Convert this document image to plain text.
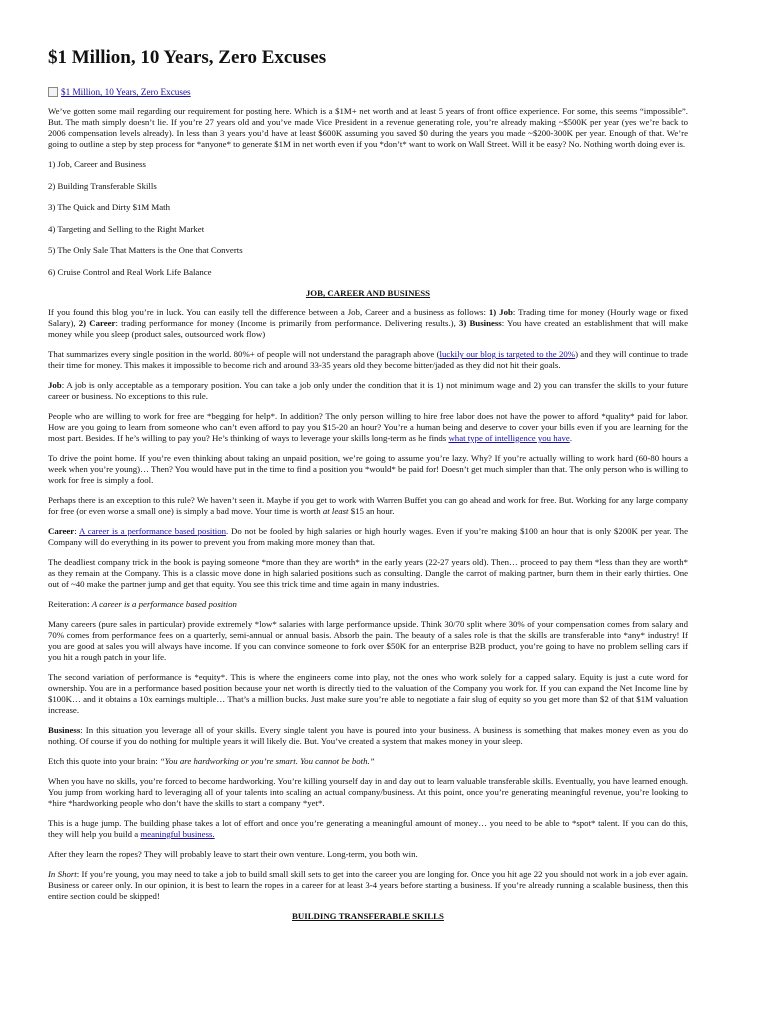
$1 Million, 10 Years, Zero Excuses
$1 Million, 10 Years, Zero Excuses

We’ve gotten some mail regarding our requirement for posting here. Which is a $1M+ net worth and at least 5 years of front office experience. For some, this seems “impossible”. But. The math simply doesn’t lie. If you’re 27 years old and you’ve made Vice President in a revenue generating role, you’re already making ~$500K per year (yes we’re back to 2006 compensation levels already). In less than 3 years you’d have at least $600K assuming you saved $0 during the years you made ~$200-300K per year. Enough of that. We’re going to outline a step by step process for *anyone* to generate $1M in net worth even if you *don’t* want to work on Wall Street. Will it be easy? No. Nothing worth doing ever is.

1) Job, Career and Business

2) Building Transferable Skills

3) The Quick and Dirty $1M Math

4) Targeting and Selling to the Right Market

5) The Only Sale That Matters is the One that Converts

6) Cruise Control and Real Work Life Balance

JOB, CAREER AND BUSINESS

If you found this blog you’re in luck. You can easily tell the difference between a Job, Career and a business as follows: 1) Job: Trading time for money (Hourly wage or fixed Salary), 2) Career: trading performance for money (Income is primarily from performance. Delivering results.), 3) Business: You have created an establishment that will make money while you sleep (product sales, outsourced work flow)

That summarizes every single position in the world. 80%+ of people will not understand the paragraph above (luckily our blog is targeted to the 20%) and they will continue to trade their time for money. This makes it impossible to become rich and around 33-35 years old they become bitter/jaded as they did not hit their goals.

Job: A job is only acceptable as a temporary position. You can take a job only under the condition that it is 1) not minimum wage and 2) you can transfer the skills to your future career or business. No exceptions to this rule.

People who are willing to work for free are *begging for help*. In addition? The only person willing to hire free labor does not have the power to afford *quality* paid for labor. How are you going to learn from someone who can’t even afford to pay you $15-20 an hour? You’re a human being and deserve to cover your bills even if you are learning for the most part. Besides. If he’s willing to pay you? He’s thinking of ways to leverage your skills long-term as he finds what type of intelligence you have.

To drive the point home. If you’re even thinking about taking an unpaid position, we’re going to assume you’re lazy. Why? If you’re actually willing to work hard (60-80 hours a week when you’re young)… Then? You would have put in the time to find a position you *would* be paid for! Doesn’t get much simpler than that. The only person who is willing to work for free is simply a fool.

Perhaps there is an exception to this rule? We haven’t seen it. Maybe if you get to work with Warren Buffet you can go ahead and work for free. But. Working for any large company for free (or even worse a small one) is simply a bad move. Your time is worth at least $15 an hour.

Career: A career is a performance based position. Do not be fooled by high salaries or high hourly wages. Even if you’re making $100 an hour that is only $200K per year. The Company will do everything in its power to prevent you from making more money than that.

The deadliest company trick in the book is paying someone *more than they are worth* in the early years (22-27 years old). Then… proceed to pay them *less than they are worth* as they remain at the Company. This is a classic move done in high salaried positions such as consulting. Dangle the carrot of making partner, burn them in their early thirties. One out of ~40 make the partner jump and get that equity. You see this trick time and time again in many industries.

Reiteration: A career is a performance based position

Many careers (pure sales in particular) provide extremely *low* salaries with large performance upside. Think 30/70 split where 30% of your compensation comes from salary and 70% comes from performance fees on a quarterly, semi-annual or annual basis. Absorb the pain. The beauty of a sales role is that the skills are transferable into *any* industry! If you are good at sales you will always have income. If you can convince someone to fork over $50K for an enterprise B2B product, you’re going to have no problem selling cars if you hit a rough patch in your life.

The second variation of performance is *equity*. This is where the engineers come into play, not the ones who work solely for a capped salary. Equity is just a cute word for ownership. You are in a performance based position because your net worth is directly tied to the valuation of the Company you work for. If you can expand the Net Income line by $100K… and it obtains a 10x earnings multiple… That’s a million bucks. Just make sure you’re able to negotiate a fair slug of equity so you get more than $2 of that $1M valuation increase.

Business: In this situation you leverage all of your skills. Every single talent you have is poured into your business. A business is something that makes money even as you do nothing. Of course if you do nothing for multiple years it will likely die. But. You’ve created a system that makes money in your sleep.

Etch this quote into your brain: “You are hardworking or you’re smart. You cannot be both.”

When you have no skills, you’re forced to become hardworking. You’re killing yourself day in and day out to learn valuable transferable skills. Eventually, you have learned enough. You jump from working hard to leveraging all of your talents into scaling an actual company/business. At this point, once you’re generating meaningful revenue, you’re looking to *hire *hardworking people who don’t have the skills to start a company *yet*.

This is a huge jump. The building phase takes a lot of effort and once you’re generating a meaningful amount of money… you need to be able to *spot* talent. If you can do this, they will help you build a meaningful business.

After they learn the ropes? They will probably leave to start their own venture. Long-term, you both win.

In Short: If you’re young, you may need to take a job to build small skill sets to get into the career you are longing for. Once you hit age 22 you should not work in a job ever again. Business or career only. In our opinion, it is best to learn the ropes in a career for at least 3-4 years before starting a business. If you’re already running a scalable business, then this entire section could be skipped!

BUILDING TRANSFERABLE SKILLS
